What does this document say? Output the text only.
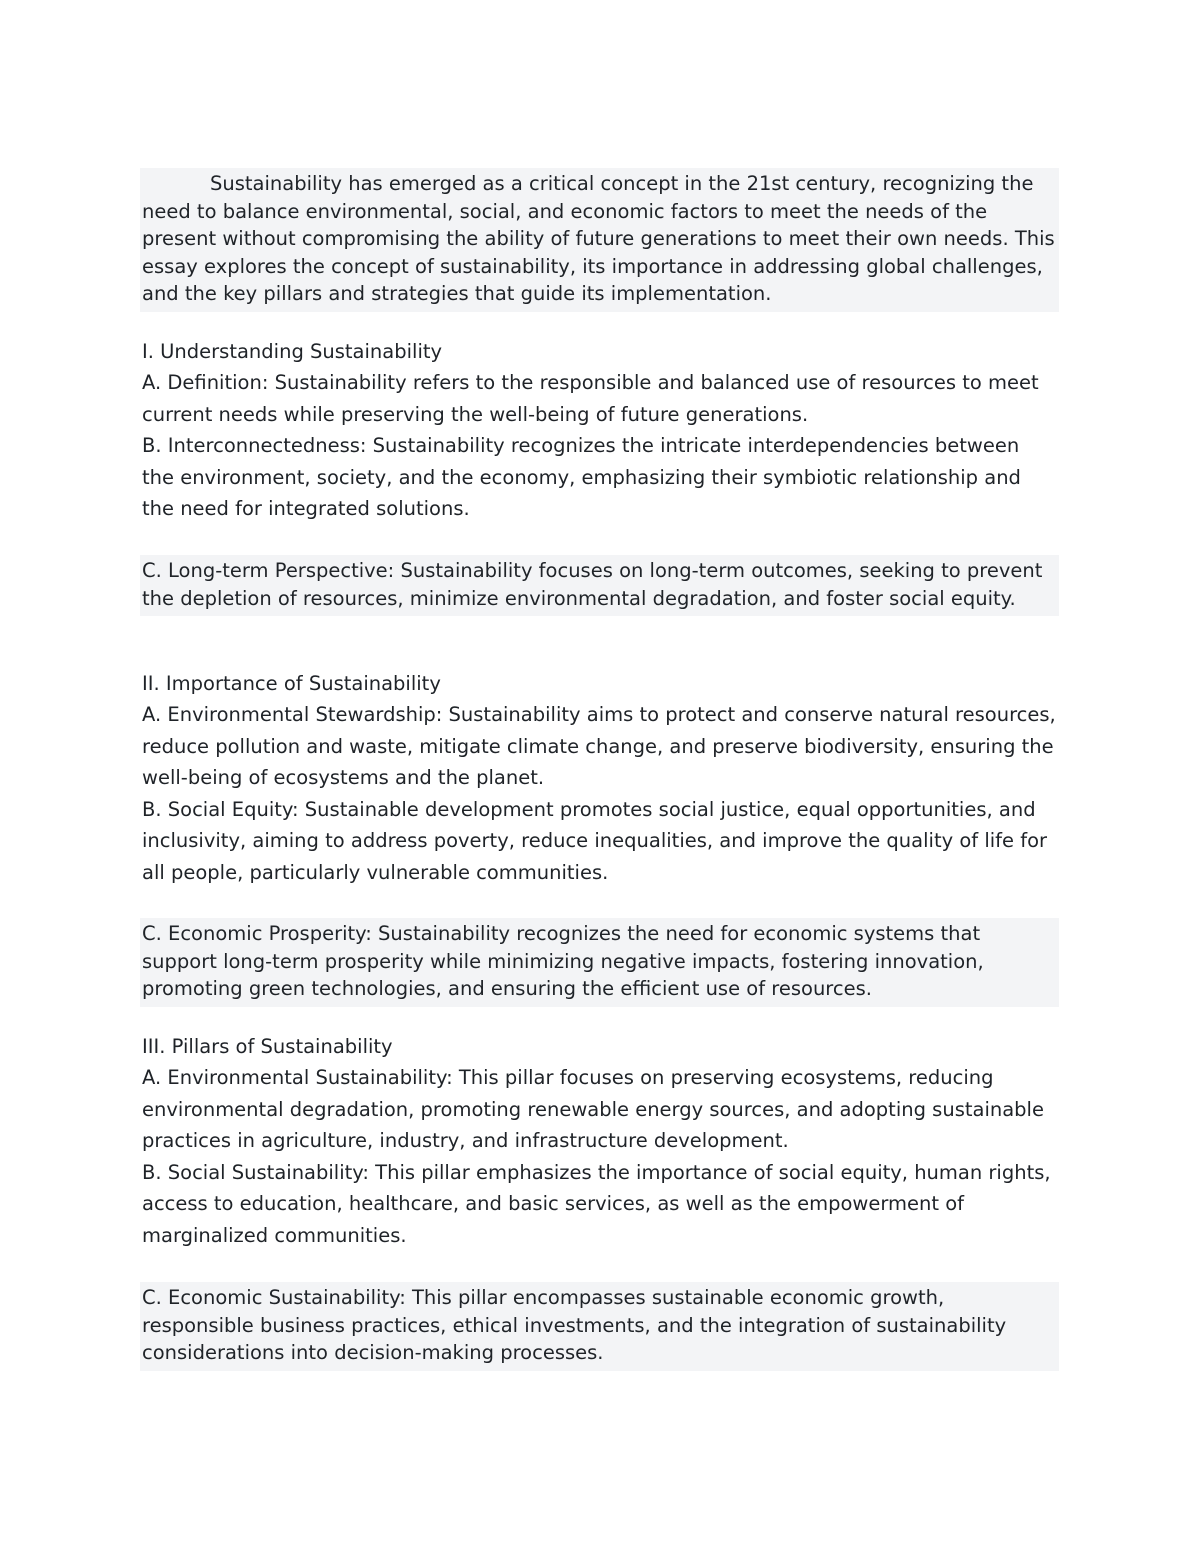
Sustainability has emerged as a critical concept in the 21st century, recognizing the need to balance environmental, social, and economic factors to meet the needs of the present without compromising the ability of future generations to meet their own needs. This essay explores the concept of sustainability, its importance in addressing global challenges, and the key pillars and strategies that guide its implementation.

I. Understanding Sustainability

A. Definition: Sustainability refers to the responsible and balanced use of resources to meet current needs while preserving the well-being of future generations.

B. Interconnectedness: Sustainability recognizes the intricate interdependencies between the environment, society, and the economy, emphasizing their symbiotic relationship and the need for integrated solutions.

C. Long-term Perspective: Sustainability focuses on long-term outcomes, seeking to prevent the depletion of resources, minimize environmental degradation, and foster social equity.

II. Importance of Sustainability

A. Environmental Stewardship: Sustainability aims to protect and conserve natural resources, reduce pollution and waste, mitigate climate change, and preserve biodiversity, ensuring the well-being of ecosystems and the planet.

B. Social Equity: Sustainable development promotes social justice, equal opportunities, and inclusivity, aiming to address poverty, reduce inequalities, and improve the quality of life for all people, particularly vulnerable communities.

C. Economic Prosperity: Sustainability recognizes the need for economic systems that support long-term prosperity while minimizing negative impacts, fostering innovation, promoting green technologies, and ensuring the efficient use of resources.

III. Pillars of Sustainability

A. Environmental Sustainability: This pillar focuses on preserving ecosystems, reducing environmental degradation, promoting renewable energy sources, and adopting sustainable practices in agriculture, industry, and infrastructure development.

B. Social Sustainability: This pillar emphasizes the importance of social equity, human rights, access to education, healthcare, and basic services, as well as the empowerment of marginalized communities.

C. Economic Sustainability: This pillar encompasses sustainable economic growth, responsible business practices, ethical investments, and the integration of sustainability considerations into decision-making processes.
